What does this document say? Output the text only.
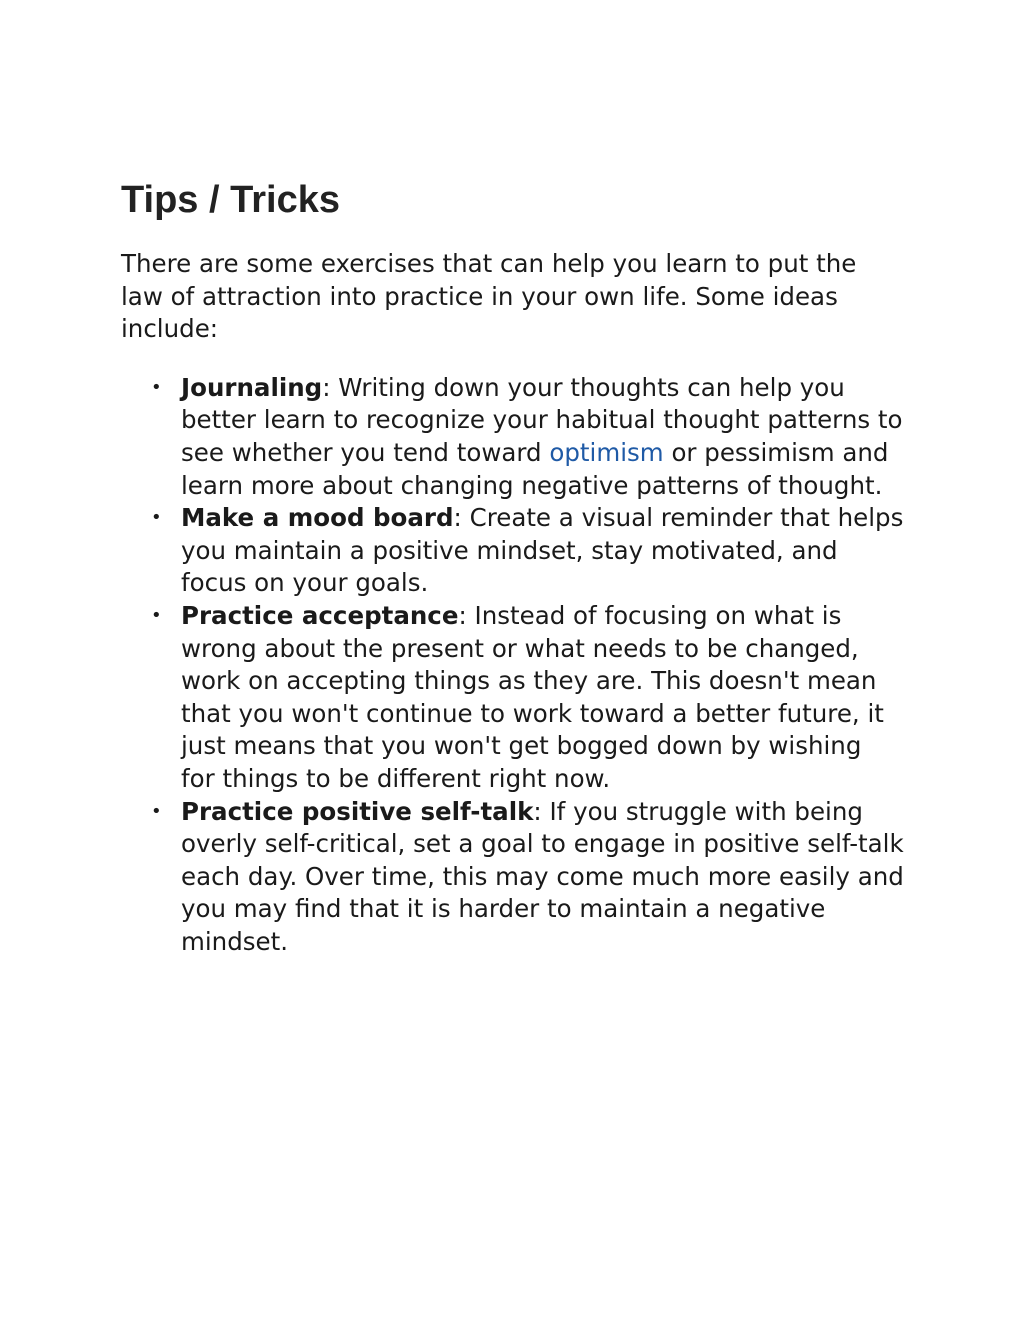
Tips / Tricks

There are some exercises that can help you learn to put the law of attraction into practice in your own life. Some ideas include:

• Journaling: Writing down your thoughts can help you better learn to recognize your habitual thought patterns to see whether you tend toward optimism or pessimism and learn more about changing negative patterns of thought.
• Make a mood board: Create a visual reminder that helps you maintain a positive mindset, stay motivated, and focus on your goals.
• Practice acceptance: Instead of focusing on what is wrong about the present or what needs to be changed, work on accepting things as they are. This doesn't mean that you won't continue to work toward a better future, it just means that you won't get bogged down by wishing for things to be different right now.
• Practice positive self-talk: If you struggle with being overly self-critical, set a goal to engage in positive self-talk each day. Over time, this may come much more easily and you may find that it is harder to maintain a negative mindset.
